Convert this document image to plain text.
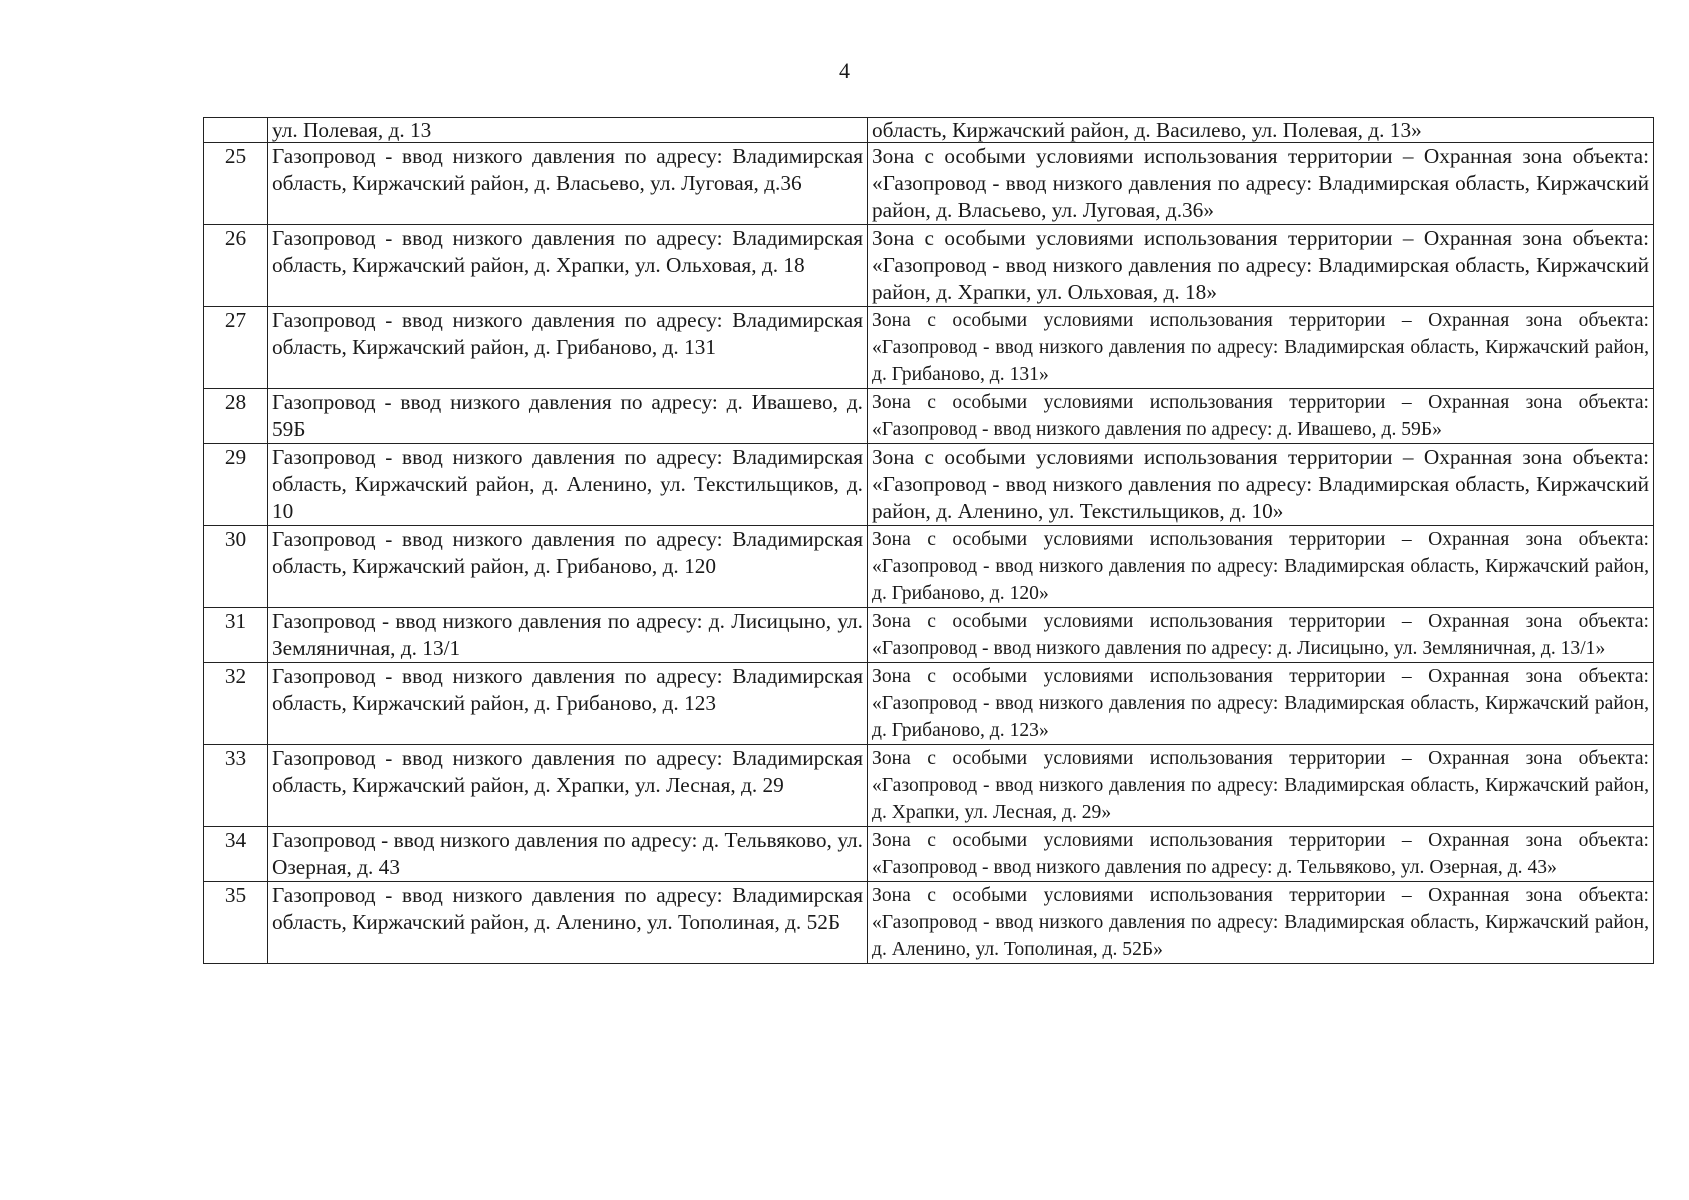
4
	ул. Полевая, д. 13	область, Киржачский район, д. Василево, ул. Полевая, д. 13»
25	Газопровод - ввод низкого давления по адресу: Владимирская область, Киржачский район, д. Власьево, ул. Луговая, д.36	Зона с особыми условиями использования территории – Охранная зона объекта: «Газопровод - ввод низкого давления по адресу: Владимирская область, Киржачский район, д. Власьево, ул. Луговая, д.36»
26	Газопровод - ввод низкого давления по адресу: Владимирская область, Киржачский район, д. Храпки, ул. Ольховая, д. 18	Зона с особыми условиями использования территории – Охранная зона объекта: «Газопровод - ввод низкого давления по адресу: Владимирская область, Киржачский район, д. Храпки, ул. Ольховая, д. 18»
27	Газопровод - ввод низкого давления по адресу: Владимирская область, Киржачский район, д. Грибаново, д. 131	Зона с особыми условиями использования территории – Охранная зона объекта: «Газопровод - ввод низкого давления по адресу: Владимирская область, Киржачский район, д. Грибаново, д. 131»
28	Газопровод - ввод низкого давления по адресу: д. Ивашево, д. 59Б	Зона с особыми условиями использования территории – Охранная зона объекта: «Газопровод - ввод низкого давления по адресу: д. Ивашево, д. 59Б»
29	Газопровод - ввод низкого давления по адресу: Владимирская область, Киржачский район, д. Аленино, ул. Текстильщиков, д. 10	Зона с особыми условиями использования территории – Охранная зона объекта: «Газопровод - ввод низкого давления по адресу: Владимирская область, Киржачский район, д. Аленино, ул. Текстильщиков, д. 10»
30	Газопровод - ввод низкого давления по адресу: Владимирская область, Киржачский район, д. Грибаново, д. 120	Зона с особыми условиями использования территории – Охранная зона объекта: «Газопровод - ввод низкого давления по адресу: Владимирская область, Киржачский район, д. Грибаново, д. 120»
31	Газопровод - ввод низкого давления по адресу: д. Лисицыно, ул. Земляничная, д. 13/1	Зона с особыми условиями использования территории – Охранная зона объекта: «Газопровод - ввод низкого давления по адресу: д. Лисицыно, ул. Земляничная, д. 13/1»
32	Газопровод - ввод низкого давления по адресу: Владимирская область, Киржачский район, д. Грибаново, д. 123	Зона с особыми условиями использования территории – Охранная зона объекта: «Газопровод - ввод низкого давления по адресу: Владимирская область, Киржачский район, д. Грибаново, д. 123»
33	Газопровод - ввод низкого давления по адресу: Владимирская область, Киржачский район, д. Храпки, ул. Лесная, д. 29	Зона с особыми условиями использования территории – Охранная зона объекта: «Газопровод - ввод низкого давления по адресу: Владимирская область, Киржачский район, д. Храпки, ул. Лесная, д. 29»
34	Газопровод - ввод низкого давления по адресу: д. Тельвяково, ул. Озерная, д. 43	Зона с особыми условиями использования территории – Охранная зона объекта: «Газопровод - ввод низкого давления по адресу: д. Тельвяково, ул. Озерная, д. 43»
35	Газопровод - ввод низкого давления по адресу: Владимирская область, Киржачский район, д. Аленино, ул. Тополиная, д. 52Б	Зона с особыми условиями использования территории – Охранная зона объекта: «Газопровод - ввод низкого давления по адресу: Владимирская область, Киржачский район, д. Аленино, ул. Тополиная, д. 52Б»
